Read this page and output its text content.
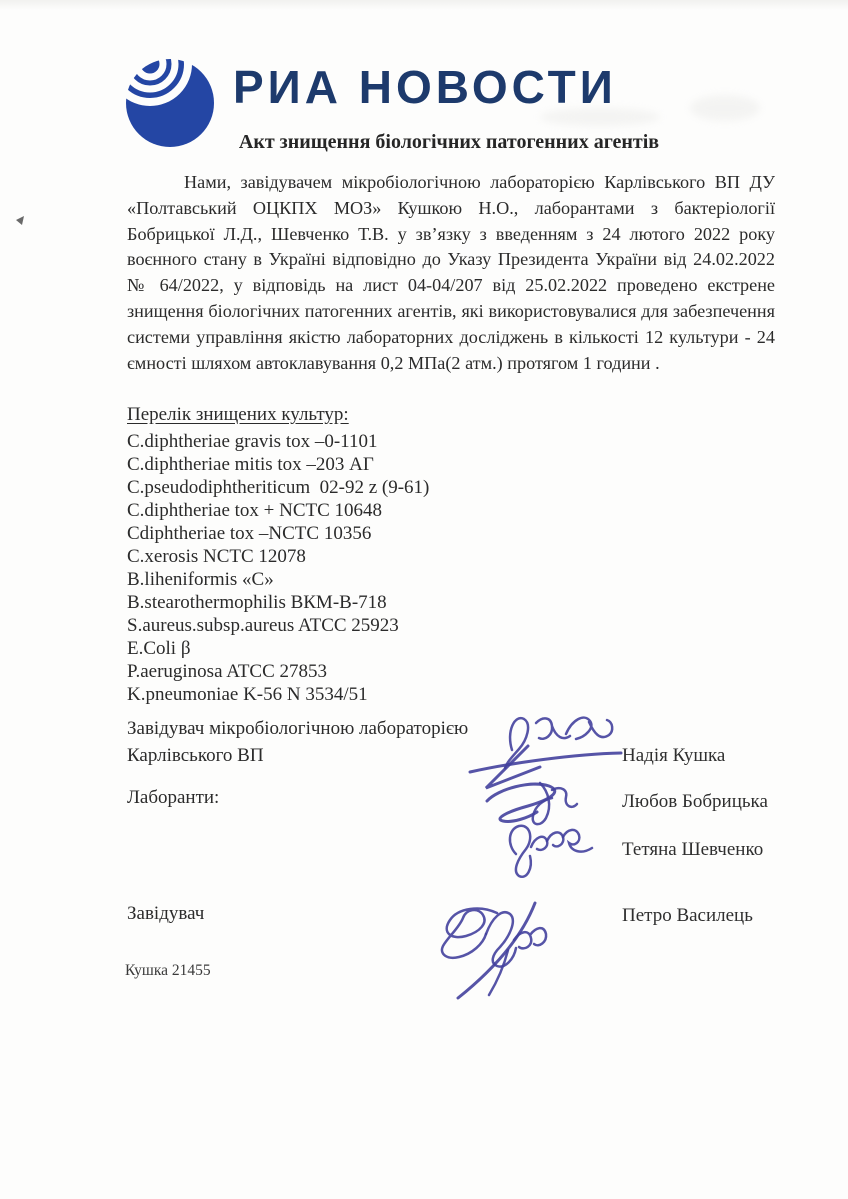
РИА НОВОСТИ
Акт знищення біологічних патогенних агентів
Нами, завідувачем мікробіологічною лабораторією Карлівського ВП ДУ «Полтавський ОЦКПХ МОЗ» Кушкою Н.О., лаборантами з бактеріології Бобрицької Л.Д., Шевченко Т.В. у зв’язку з введенням з 24 лютого 2022 року воєнного стану в Україні відповідно до Указу Президента України від 24.02.2022 № 64/2022, у відповідь на лист 04-04/207 від 25.02.2022 проведено екстрене знищення біологічних патогенних агентів, які використовувалися для забезпечення системи управління якістю лабораторних досліджень в кількості 12 культури - 24 ємності шляхом автоклавування 0,2 МПа(2 атм.) протягом 1 години .
Перелік знищених культур:
C.diphtheriae gravis tox –0-1101
C.diphtheriae mitis tox –203 АГ
C.pseudodiphtheriticum  02-92 z (9-61)
C.diphtheriae tox + NCTC 10648
Cdiphtheriae tox –NCTC 10356
C.xerosis NCTC 12078
B.liheniformis «С»
B.stearothermophilis ВКМ-В-718
S.aureus.subsp.aureus ATCC 25923
E.Coli β
P.aeruginosa ATCC 27853
K.pneumoniae K-56 N 3534/51
Завідувач мікробіологічною лабораторією
Карлівського ВП
Лаборанти:
Завідувач
Надія Кушка
Любов Бобрицька
Тетяна Шевченко
Петро Василець
Кушка 21455
